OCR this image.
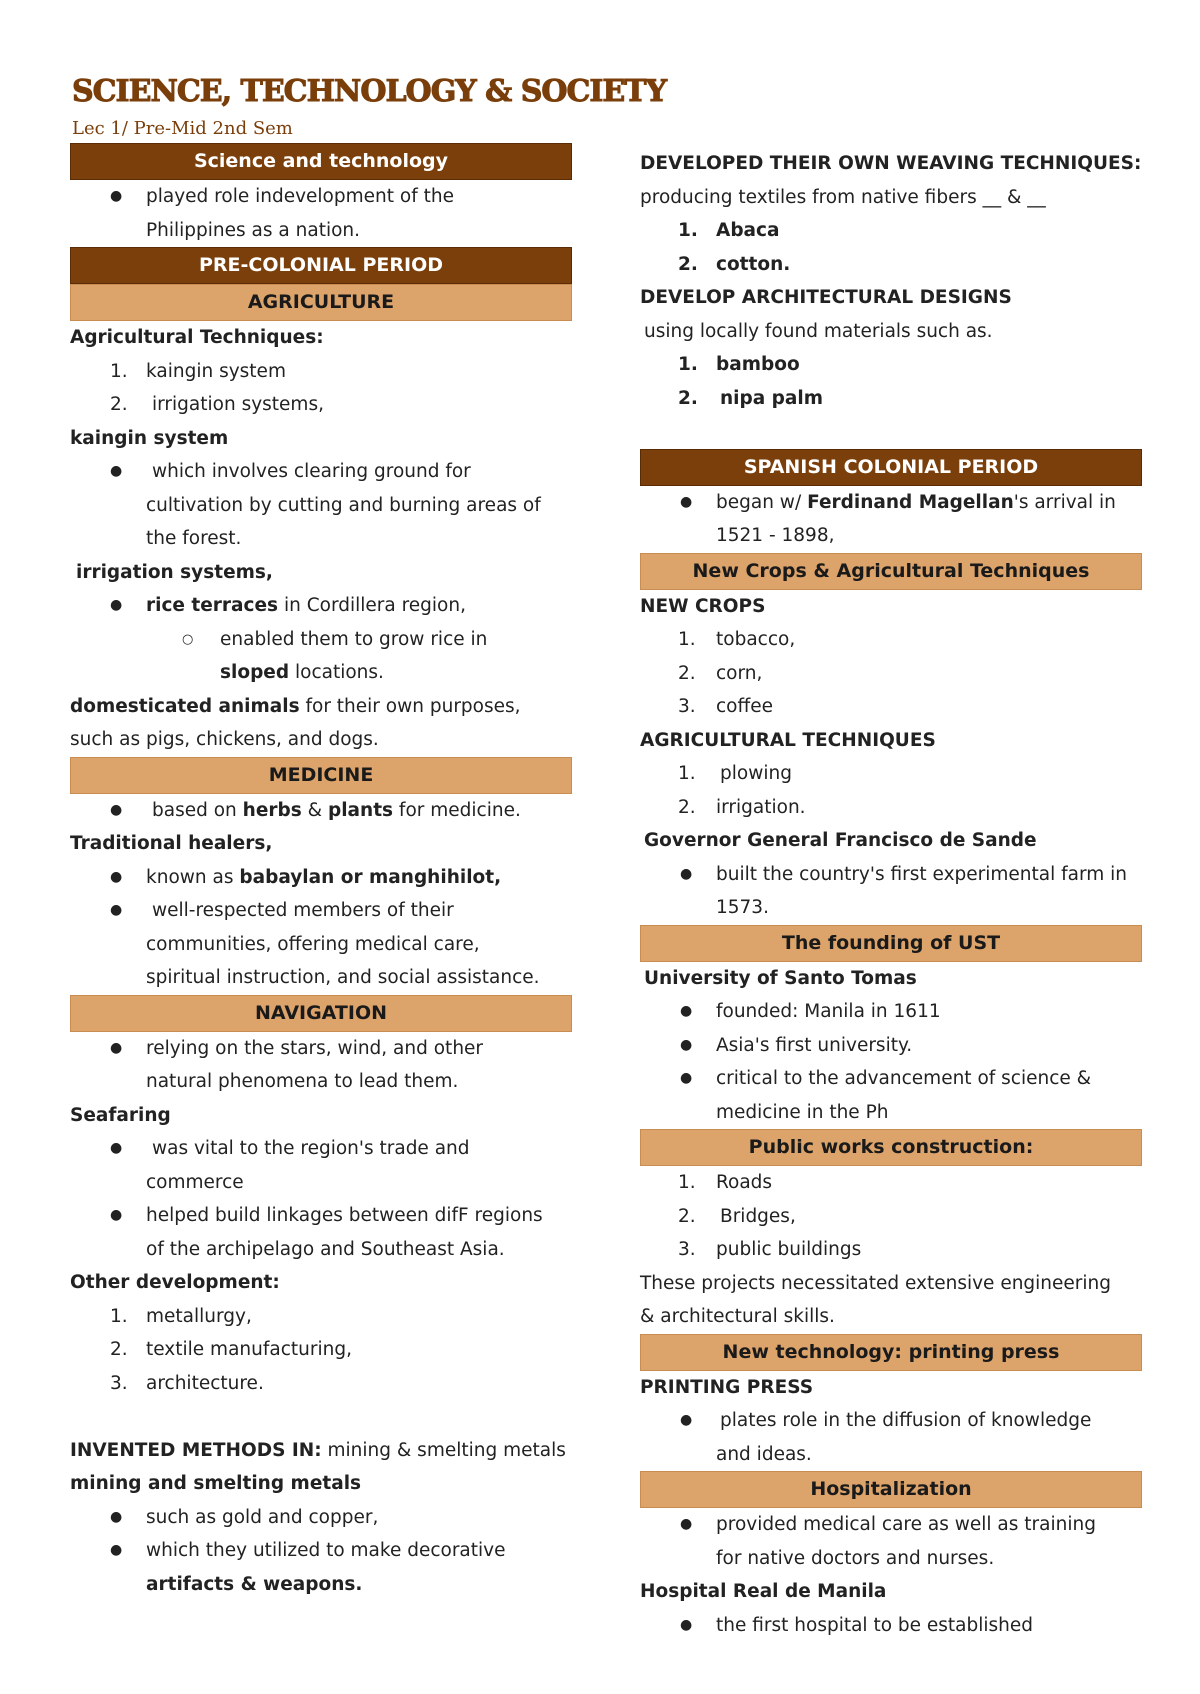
SCIENCE, TECHNOLOGY & SOCIETY
Lec 1/ Pre-Mid 2nd Sem
Science and technology
● played role indevelopment of the
Philippines as a nation.
PRE-COLONIAL PERIOD
AGRICULTURE
Agricultural Techniques:
1. kaingin system
2. irrigation systems,
kaingin system
● which involves clearing ground for
cultivation by cutting and burning areas of
the forest.
irrigation systems,
● rice terraces in Cordillera region,
○ enabled them to grow rice in
sloped locations.
domesticated animals for their own purposes,
such as pigs, chickens, and dogs.
MEDICINE
● based on herbs & plants for medicine.
Traditional healers,
● known as babaylan or manghihilot,
● well-respected members of their
communities, offering medical care,
spiritual instruction, and social assistance.
NAVIGATION
● relying on the stars, wind, and other
natural phenomena to lead them.
Seafaring
● was vital to the region's trade and
commerce
● helped build linkages between difF regions
of the archipelago and Southeast Asia.
Other development:
1. metallurgy,
2. textile manufacturing,
3. architecture.
INVENTED METHODS IN: mining & smelting metals
mining and smelting metals
● such as gold and copper,
● which they utilized to make decorative
artifacts & weapons.
DEVELOPED THEIR OWN WEAVING TECHNIQUES:
producing textiles from native fibers __ & __
1. Abaca
2. cotton.
DEVELOP ARCHITECTURAL DESIGNS
using locally found materials such as.
1. bamboo
2. nipa palm
SPANISH COLONIAL PERIOD
● began w/ Ferdinand Magellan's arrival in
1521 - 1898,
New Crops & Agricultural Techniques
NEW CROPS
1. tobacco,
2. corn,
3. coffee
AGRICULTURAL TECHNIQUES
1. plowing
2. irrigation.
Governor General Francisco de Sande
● built the country's first experimental farm in
1573.
The founding of UST
University of Santo Tomas
● founded: Manila in 1611
● Asia's first university.
● critical to the advancement of science &
medicine in the Ph
Public works construction:
1. Roads
2. Bridges,
3. public buildings
These projects necessitated extensive engineering
& architectural skills.
New technology: printing press
PRINTING PRESS
● plates role in the diffusion of knowledge
and ideas.
Hospitalization
● provided medical care as well as training
for native doctors and nurses.
Hospital Real de Manila
● the first hospital to be established
